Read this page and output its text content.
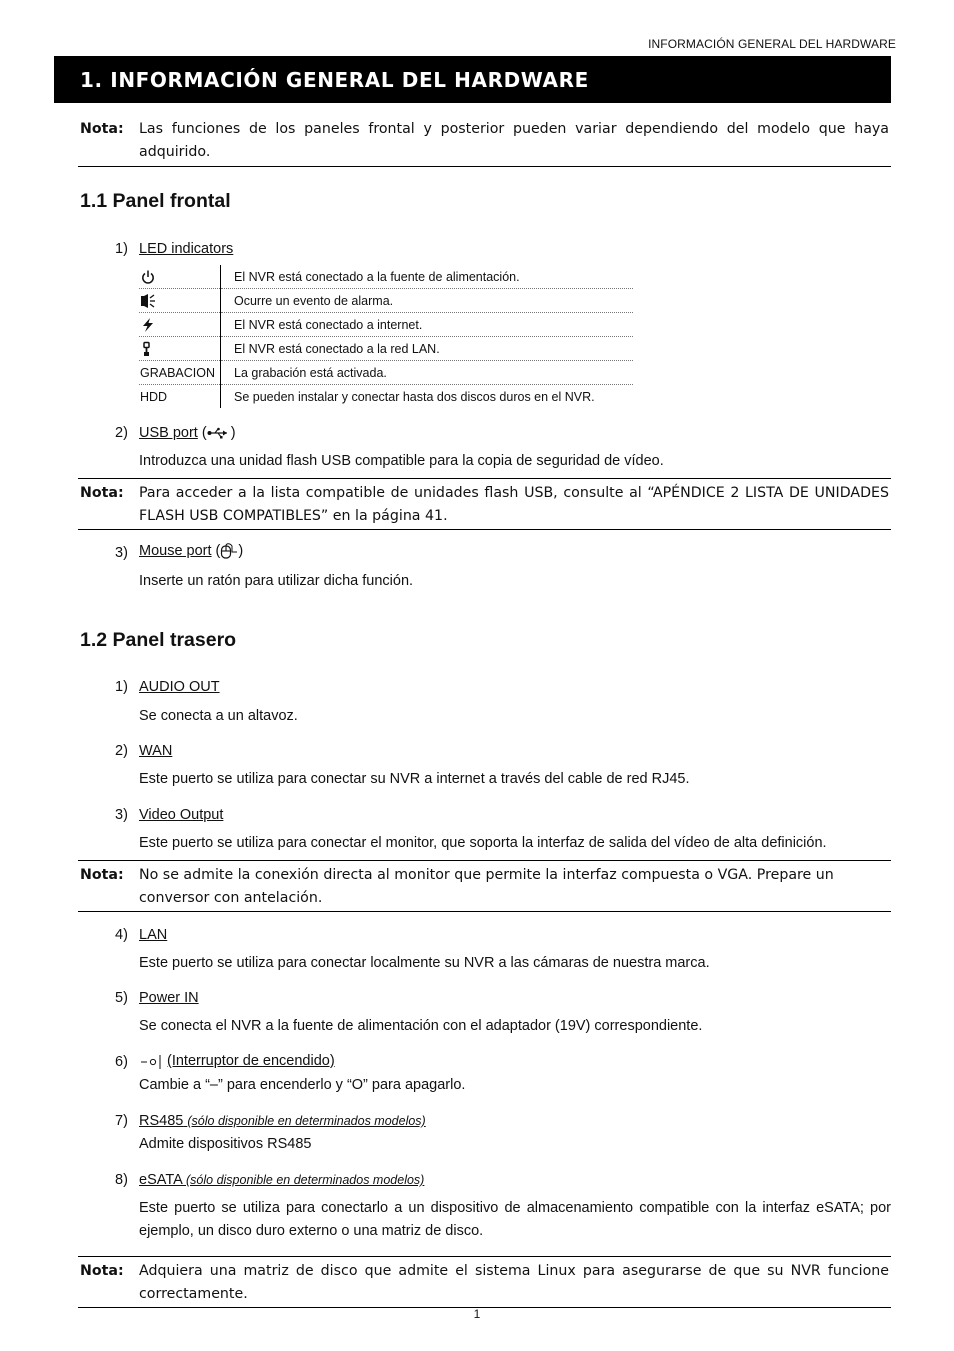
INFORMACIÓN GENERAL DEL HARDWARE
1. INFORMACIÓN GENERAL DEL HARDWARE
Nota: Las funciones de los paneles frontal y posterior pueden variar dependiendo del modelo que haya adquirido.
1.1 Panel frontal
1) LED indicators
	El NVR está conectado a la fuente de alimentación.

	Ocurre un evento de alarma.

	El NVR está conectado a internet.

	El NVR está conectado a la red LAN.
GRABACION	La grabación está activada.
HDD	Se pueden instalar y conectar hasta dos discos duros en el NVR.
2) USB port ( )
Introduzca una unidad flash USB compatible para la copia de seguridad de vídeo.
Nota: Para acceder a la lista compatible de unidades flash USB, consulte al “APÉNDICE 2 LISTA DE UNIDADES FLASH USB COMPATIBLES” en la página 41.
3) Mouse port ( )
Inserte un ratón para utilizar dicha función.
1.2 Panel trasero
1) AUDIO OUT
Se conecta a un altavoz.
2) WAN
Este puerto se utiliza para conectar su NVR a internet a través del cable de red RJ45.
3) Video Output
Este puerto se utiliza para conectar el monitor, que soporta la interfaz de salida del vídeo de alta definición.
Nota: No se admite la conexión directa al monitor que permite la interfaz compuesta o VGA. Prepare un conversor con antelación.
4) LAN
Este puerto se utiliza para conectar localmente su NVR a las cámaras de nuestra marca.
5) Power IN
Se conecta el NVR a la fuente de alimentación con el adaptador (19V) correspondiente.
6)	(Interruptor de encendido)
Cambie a “–” para encenderlo y “O” para apagarlo.
7) RS485 (sólo disponible en determinados modelos)
Admite dispositivos RS485
8) eSATA (sólo disponible en determinados modelos)
Este puerto se utiliza para conectarlo a un dispositivo de almacenamiento compatible con la interfaz eSATA; por ejemplo, un disco duro externo o una matriz de disco.
Nota: Adquiera una matriz de disco que admite el sistema Linux para asegurarse de que su NVR funcione correctamente.
1
